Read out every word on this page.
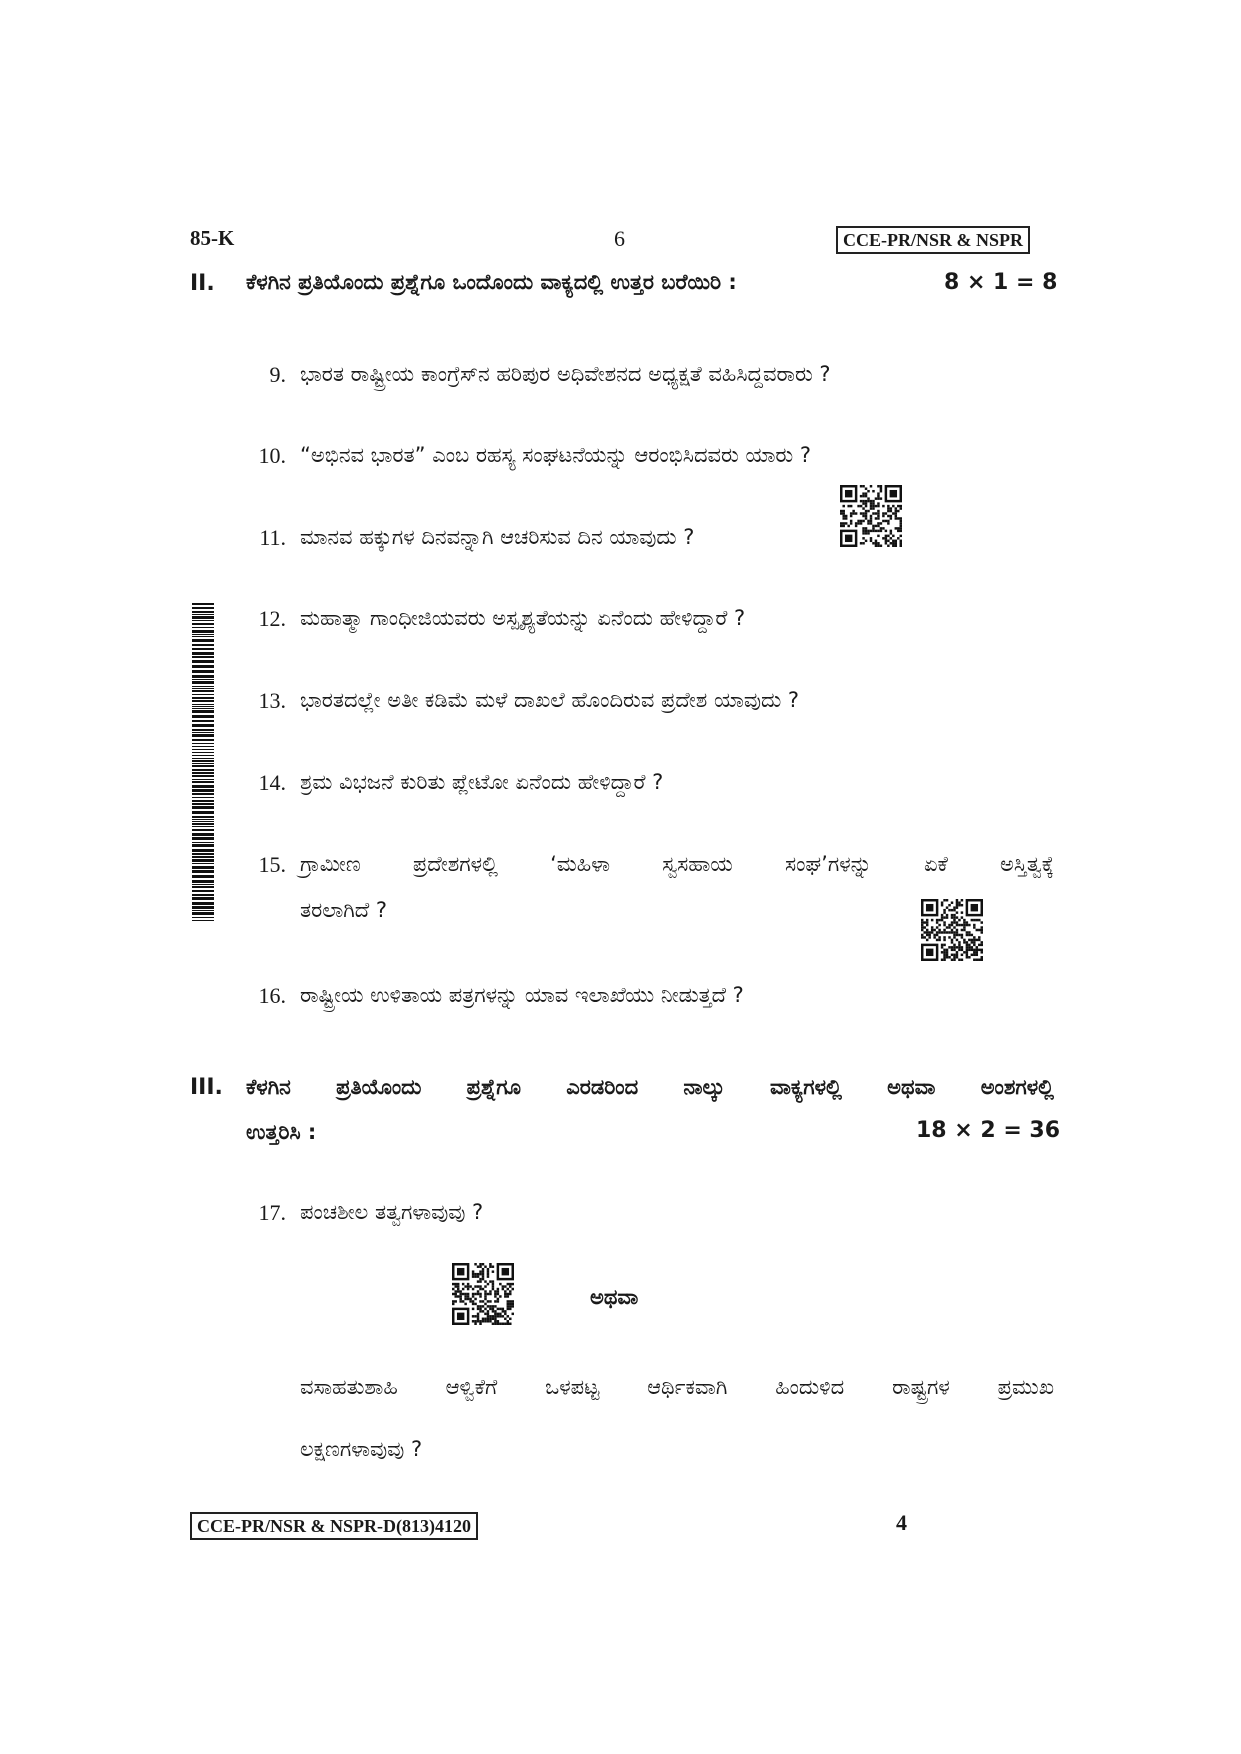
85-K	6	CCE-PR/NSR & NSPR
II. ಕೆಳಗಿನ ಪ್ರತಿಯೊಂದು ಪ್ರಶ್ನೆಗೂ ಒಂದೊಂದು ವಾಕ್ಯದಲ್ಲಿ ಉತ್ತರ ಬರೆಯಿರಿ :	8 × 1 = 8
9. ಭಾರತ ರಾಷ್ಟ್ರೀಯ ಕಾಂಗ್ರೆಸ್‌ನ ಹರಿಪುರ ಅಧಿವೇಶನದ ಅಧ್ಯಕ್ಷತೆ ವಹಿಸಿದ್ದವರಾರು ?
10. “ಅಭಿನವ ಭಾರತ” ಎಂಬ ರಹಸ್ಯ ಸಂಘಟನೆಯನ್ನು ಆರಂಭಿಸಿದವರು ಯಾರು ?
11. ಮಾನವ ಹಕ್ಕುಗಳ ದಿನವನ್ನಾಗಿ ಆಚರಿಸುವ ದಿನ ಯಾವುದು ?
12. ಮಹಾತ್ಮಾ ಗಾಂಧೀಜಿಯವರು ಅಸ್ಪೃಶ್ಯತೆಯನ್ನು ಏನೆಂದು ಹೇಳಿದ್ದಾರೆ ?
13. ಭಾರತದಲ್ಲೇ ಅತೀ ಕಡಿಮೆ ಮಳೆ ದಾಖಲೆ ಹೊಂದಿರುವ ಪ್ರದೇಶ ಯಾವುದು ?
14. ಶ್ರಮ ವಿಭಜನೆ ಕುರಿತು ಪ್ಲೇಟೋ ಏನೆಂದು ಹೇಳಿದ್ದಾರೆ ?
15. ಗ್ರಾಮೀಣ ಪ್ರದೇಶಗಳಲ್ಲಿ ‘ಮಹಿಳಾ ಸ್ವಸಹಾಯ ಸಂಘ’ಗಳನ್ನು ಏಕೆ ಅಸ್ತಿತ್ವಕ್ಕೆ
ತರಲಾಗಿದೆ ?
16. ರಾಷ್ಟ್ರೀಯ ಉಳಿತಾಯ ಪತ್ರಗಳನ್ನು ಯಾವ ಇಲಾಖೆಯು ನೀಡುತ್ತದೆ ?
III. ಕೆಳಗಿನ ಪ್ರತಿಯೊಂದು ಪ್ರಶ್ನೆಗೂ ಎರಡರಿಂದ ನಾಲ್ಕು ವಾಕ್ಯಗಳಲ್ಲಿ ಅಥವಾ ಅಂಶಗಳಲ್ಲಿ
ಉತ್ತರಿಸಿ :	18 × 2 = 36
17. ಪಂಚಶೀಲ ತತ್ವಗಳಾವುವು ?
ಅಥವಾ
ವಸಾಹತುಶಾಹಿ ಆಳ್ವಿಕೆಗೆ ಒಳಪಟ್ಟ ಆರ್ಥಿಕವಾಗಿ ಹಿಂದುಳಿದ ರಾಷ್ಟ್ರಗಳ ಪ್ರಮುಖ
ಲಕ್ಷಣಗಳಾವುವು ?
CCE-PR/NSR & NSPR-D(813)4120	4
